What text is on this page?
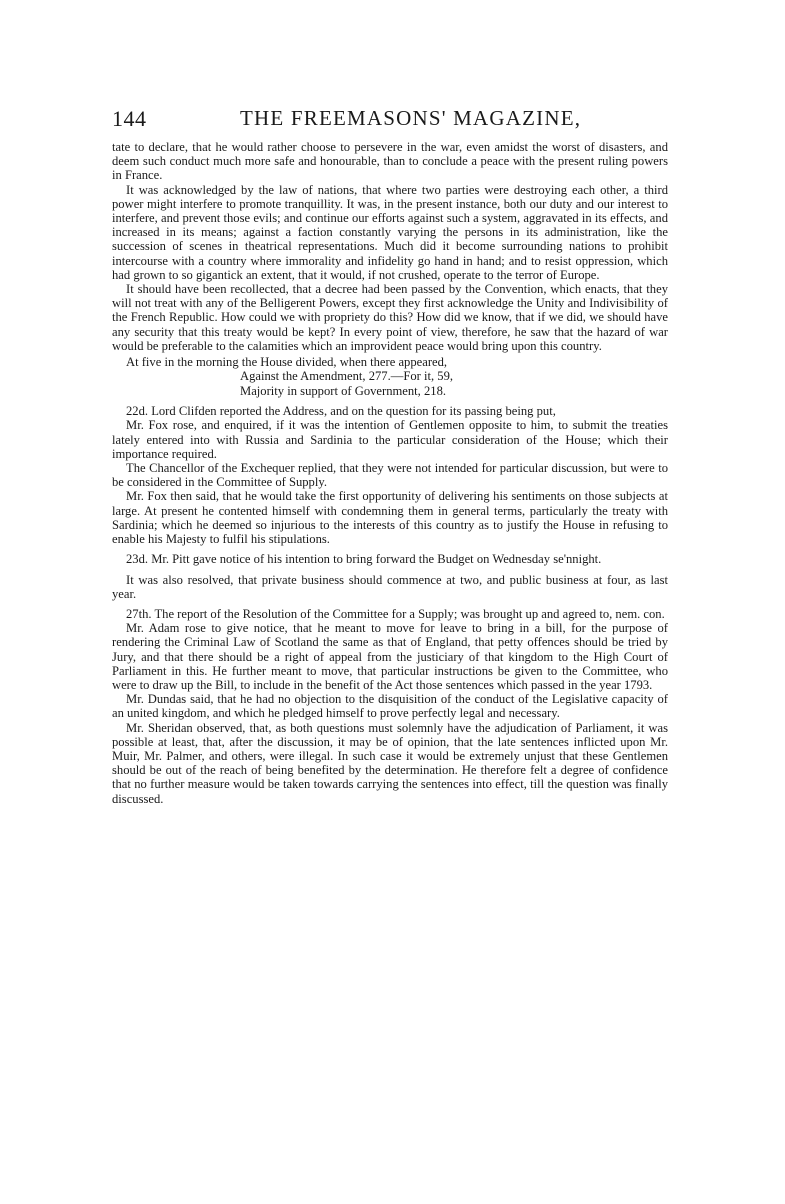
144	THE FREEMASONS' MAGAZINE,

tate to declare, that he would rather choose to persevere in the war, even amidst the worst of disasters, and deem such conduct much more safe and honourable, than to conclude a peace with the present ruling powers in France.

It was acknowledged by the law of nations, that where two parties were destroying each other, a third power might interfere to promote tranquillity. It was, in the present instance, both our duty and our interest to interfere, and prevent those evils; and continue our efforts against such a system, aggravated in its effects, and increased in its means; against a faction constantly varying the persons in its administration, like the succession of scenes in theatrical representations. Much did it become surrounding nations to prohibit intercourse with a country where immorality and infidelity go hand in hand; and to resist oppression, which had grown to so gigantick an extent, that it would, if not crushed, operate to the terror of Europe.

It should have been recollected, that a decree had been passed by the Convention, which enacts, that they will not treat with any of the Belligerent Powers, except they first acknowledge the Unity and Indivisibility of the French Republic. How could we with propriety do this? How did we know, that if we did, we should have any security that this treaty would be kept? In every point of view, therefore, he saw that the hazard of war would be preferable to the calamities which an improvident peace would bring upon this country.

At five in the morning the House divided, when there appeared,
Against the Amendment, 277.—For it, 59,
Majority in support of Government, 218.

22d. Lord Clifden reported the Address, and on the question for its passing being put,

Mr. Fox rose, and enquired, if it was the intention of Gentlemen opposite to him, to submit the treaties lately entered into with Russia and Sardinia to the particular consideration of the House; which their importance required.

The Chancellor of the Exchequer replied, that they were not intended for particular discussion, but were to be considered in the Committee of Supply.

Mr. Fox then said, that he would take the first opportunity of delivering his sentiments on those subjects at large. At present he contented himself with condemning them in general terms, particularly the treaty with Sardinia; which he deemed so injurious to the interests of this country as to justify the House in refusing to enable his Majesty to fulfil his stipulations.

23d. Mr. Pitt gave notice of his intention to bring forward the Budget on Wednesday se'nnight.

It was also resolved, that private business should commence at two, and public business at four, as last year.

27th. The report of the Resolution of the Committee for a Supply; was brought up and agreed to, nem. con.

Mr. Adam rose to give notice, that he meant to move for leave to bring in a bill, for the purpose of rendering the Criminal Law of Scotland the same as that of England, that petty offences should be tried by Jury, and that there should be a right of appeal from the justiciary of that kingdom to the High Court of Parliament in this. He further meant to move, that particular instructions be given to the Committee, who were to draw up the Bill, to include in the benefit of the Act those sentences which passed in the year 1793.

Mr. Dundas said, that he had no objection to the disquisition of the conduct of the Legislative capacity of an united kingdom, and which he pledged himself to prove perfectly legal and necessary.

Mr. Sheridan observed, that, as both questions must solemnly have the adjudication of Parliament, it was possible at least, that, after the discussion, it may be of opinion, that the late sentences inflicted upon Mr. Muir, Mr. Palmer, and others, were illegal. In such case it would be extremely unjust that these Gentlemen should be out of the reach of being benefited by the determination. He therefore felt a degree of confidence that no further measure would be taken towards carrying the sentences into effect, till the question was finally discussed.
